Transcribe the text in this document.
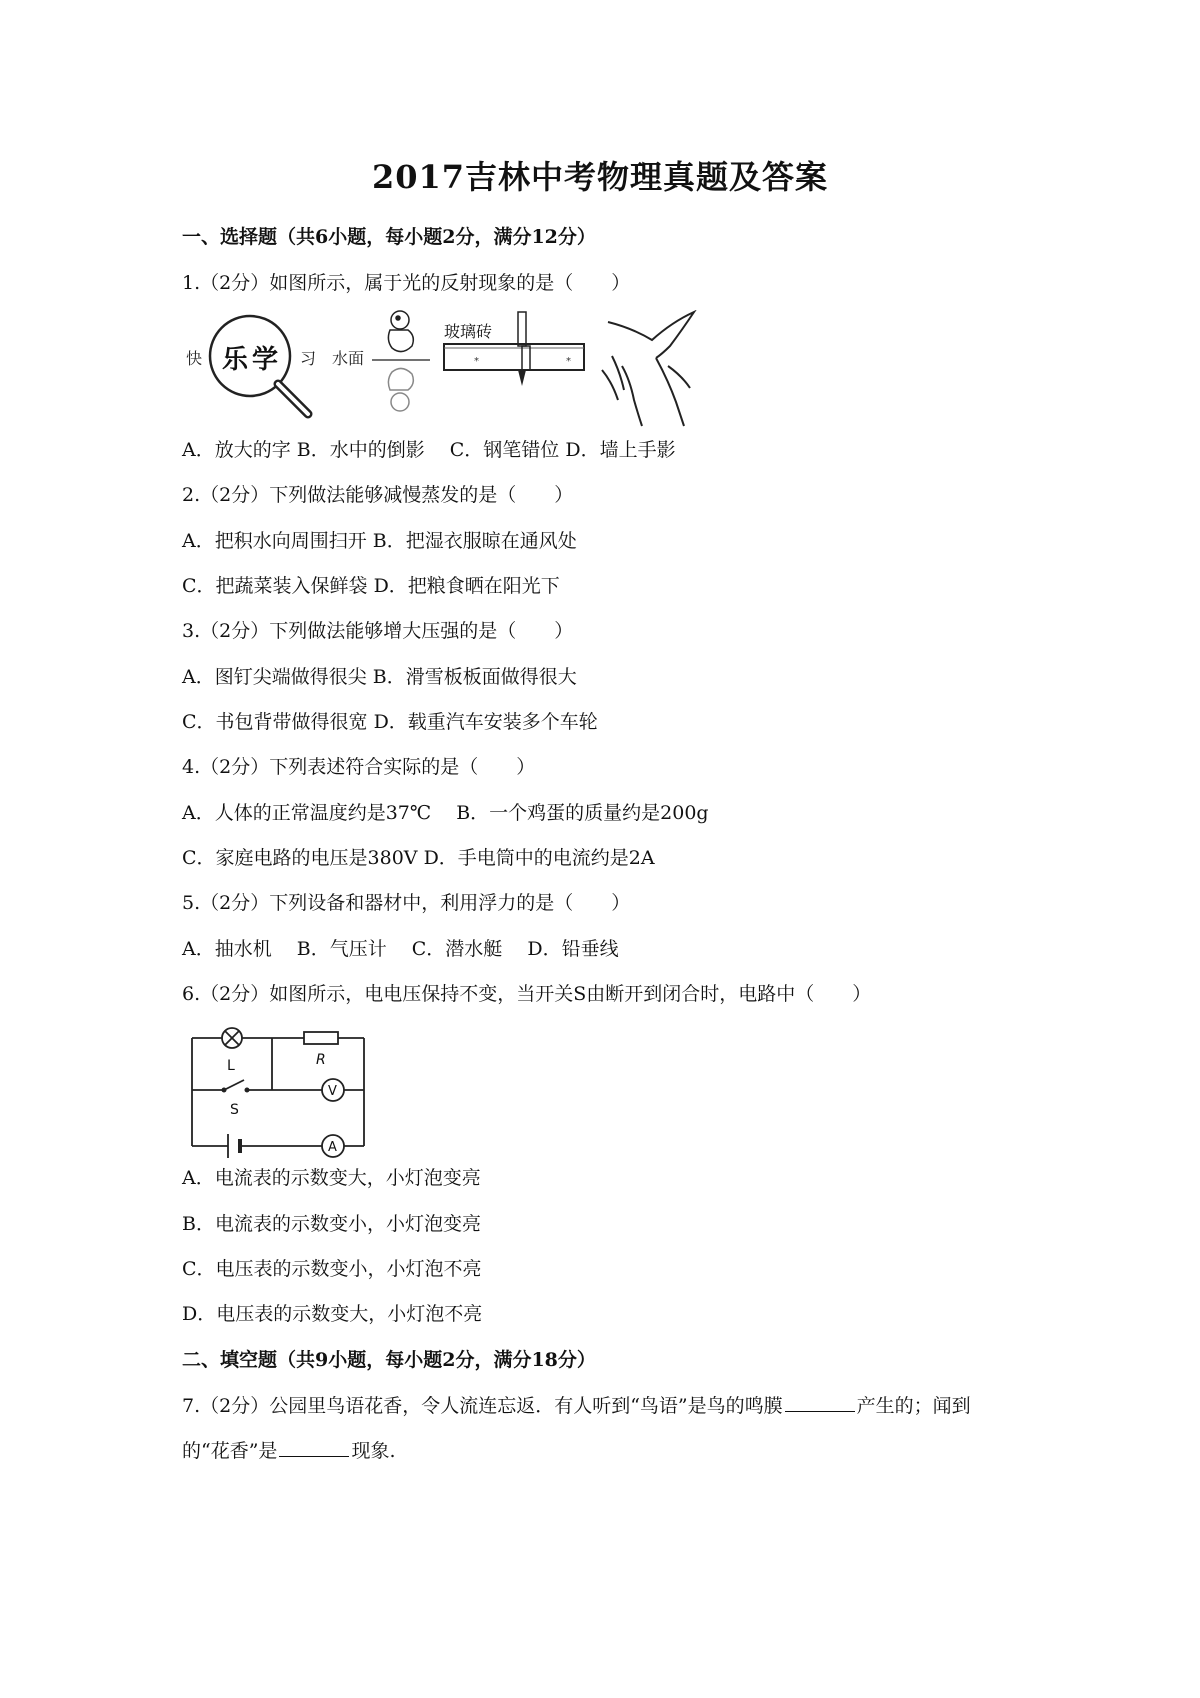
2017吉林中考物理真题及答案
一、选择题（共6小题，每小题2分，满分12分）
1.（2分）如图所示，属于光的反射现象的是（　　）
快 乐 学 习 水面	*	*
玻璃砖
A．放大的字 B．水中的倒影　 C．钢笔错位 D．墙上手影
2.（2分）下列做法能够减慢蒸发的是（　　）
A．把积水向周围扫开 B．把湿衣服晾在通风处
C．把蔬菜装入保鲜袋 D．把粮食晒在阳光下
3.（2分）下列做法能够增大压强的是（　　）
A．图钉尖端做得很尖 B．滑雪板板面做得很大
C．书包背带做得很宽 D．载重汽车安装多个车轮
4.（2分）下列表述符合实际的是（　　）
A．人体的正常温度约是37℃　 B．一个鸡蛋的质量约是200g
C．家庭电路的电压是380V D．手电筒中的电流约是2A
5.（2分）下列设备和器材中，利用浮力的是（　　）
A．抽水机　 B．气压计　 C．潜水艇　 D．铅垂线
6.（2分）如图所示，电电压保持不变，当开关S由断开到闭合时，电路中（　　）
L	R
S
V
A
A．电流表的示数变大，小灯泡变亮
B．电流表的示数变小，小灯泡变亮
C．电压表的示数变小，小灯泡不亮
D．电压表的示数变大，小灯泡不亮
二、填空题（共9小题，每小题2分，满分18分）
7.（2分）公园里鸟语花香，令人流连忘返．有人听到“鸟语”是鸟的鸣膜	产生的；闻到
的“花香”是	现象.
